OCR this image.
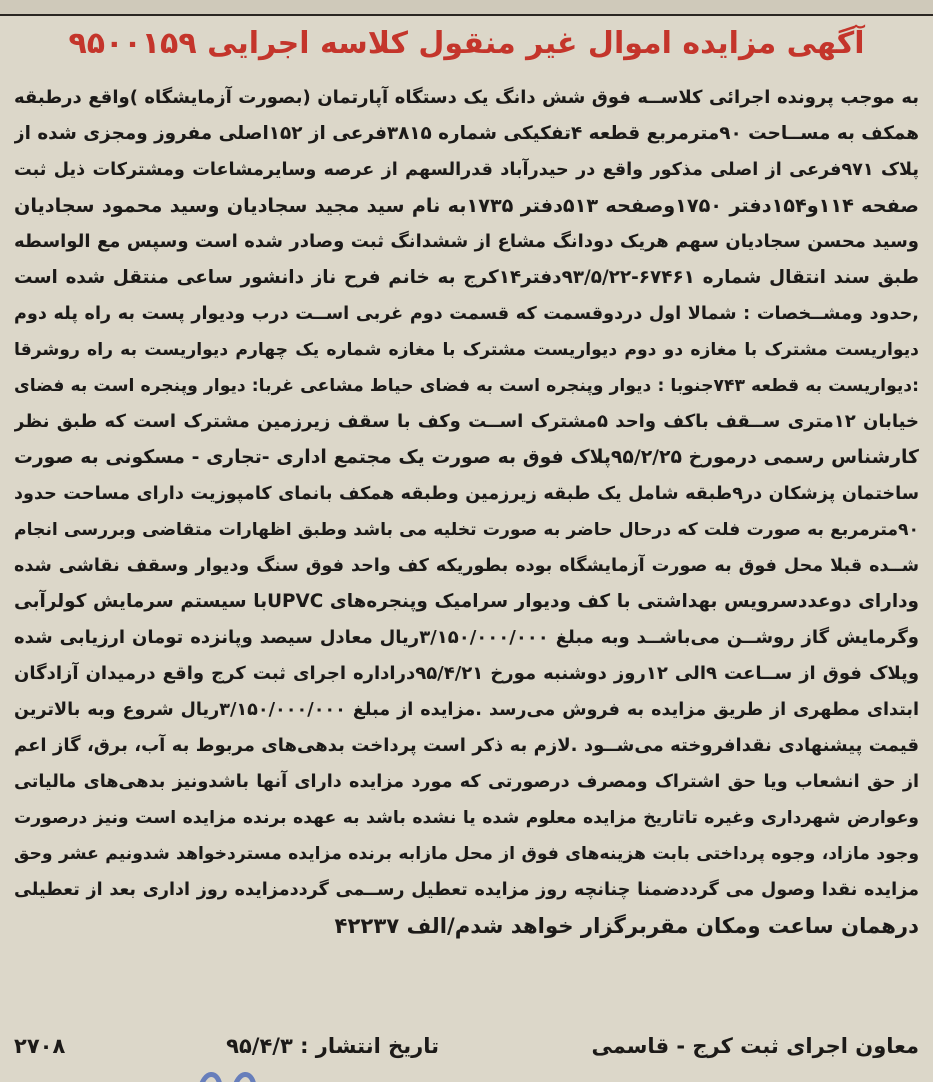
آگهی مزایده اموال غیر منقول کلاسه اجرایی ۹۵۰۰۱۵۹
به موجب پرونده اجرائی کلاســه فوق شش دانگ یک دستگاه آپارتمان (بصورت آزمایشگاه )واقع درطبقه
همکف به مســاحت ۹۰مترمربع قطعه ۴تفکیکی شماره ۳۸۱۵فرعی از ۱۵۲اصلی مفروز ومجزی شده از
پلاک ۹۷۱فرعی از اصلی مذکور واقع در حیدرآباد قدرالسهم از عرصه وسایرمشاعات ومشترکات ذیل ثبت
صفحه ۱۱۴و۱۵۴دفتر ۱۷۵۰وصفحه ۵۱۳دفتر ۱۷۳۵به نام سید مجید سجادیان وسید محمود سجادیان
وسید محسن سجادیان سهم هریک دودانگ مشاع از ششدانگ ثبت وصادر شده است وسپس مع الواسطه
طبق سند انتقال شماره ۶۷۴۶۱-۹۳/۵/۲۲دفتر۱۴کرج به خانم فرح ناز دانشور ساعی منتقل شده است
,حدود ومشــخصات : شمالا اول دردوقسمت که قسمت دوم غربی اســت درب ودیوار پست به راه پله دوم
دیواریست مشترک با مغازه دو دوم دیواریست مشترک با مغازه شماره یک چهارم دیواریست به راه روشرقا
:دیواریست به قطعه ۷۴۳جنوبا : دیوار وپنجره است به فضای حیاط مشاعی غربا: دیوار وپنجره است به فضای
خیابان ۱۲متری ســقف باکف واحد ۵مشترک اســت وکف با سقف زیرزمین مشترک است که طبق نظر
کارشناس رسمی درمورخ ۹۵/۲/۲۵پلاک فوق به صورت یک مجتمع اداری -تجاری - مسکونی به صورت
ساختمان پزشکان در۹طبقه شامل یک طبقه زیرزمین وطبقه همکف بانمای کامپوزیت دارای مساحت حدود
۹۰مترمربع به صورت فلت که درحال حاضر به صورت تخلیه می باشد وطبق اظهارات متقاضی وبررسی انجام
شــده قبلا محل فوق به صورت آزمایشگاه بوده بطوریکه کف واحد فوق سنگ ودیوار وسقف نقاشی شده
ودارای دوعددسرویس بهداشتی با کف ودیوار سرامیک وپنجره‌های UPVCبا سیستم سرمایش کولرآبی
وگرمایش گاز روشــن می‌باشــد وبه مبلغ ۳/۱۵۰/۰۰۰/۰۰۰ریال معادل سیصد وپانزده تومان ارزیابی شده
وپلاک فوق از ســاعت ۹الی ۱۲روز دوشنبه مورخ ۹۵/۴/۲۱دراداره اجرای ثبت کرج واقع درمیدان آزادگان
ابتدای مطهری از طریق مزایده به فروش می‌رسد .مزایده از مبلغ ۳/۱۵۰/۰۰۰/۰۰۰ریال شروع وبه بالاترین
قیمت پیشنهادی نقدافروخته می‌شــود .لازم به ذکر است پرداخت بدهی‌های مربوط به آب، برق، گاز اعم
از حق انشعاب ویا حق اشتراک ومصرف درصورتی که مورد مزایده دارای آنها باشدونیز بدهی‌های مالیاتی
وعوارض شهرداری وغیره تاتاریخ مزایده معلوم شده یا نشده باشد به عهده برنده مزایده است ونیز درصورت
وجود مازاد، وجوه پرداختی بابت هزینه‌های فوق از محل مازابه برنده مزایده مستردخواهد شدونیم عشر وحق
مزایده نقدا وصول می گرددضمنا چنانچه روز مزایده تعطیل رســمی گرددمزایده روز اداری بعد از تعطیلی
درهمان ساعت ومکان مقربرگزار خواهد شدم/الف ۴۲۲۳۷
معاون اجرای ثبت کرج - قاسمی
تاریخ انتشار : ۹۵/۴/۳
۲۷۰۸
